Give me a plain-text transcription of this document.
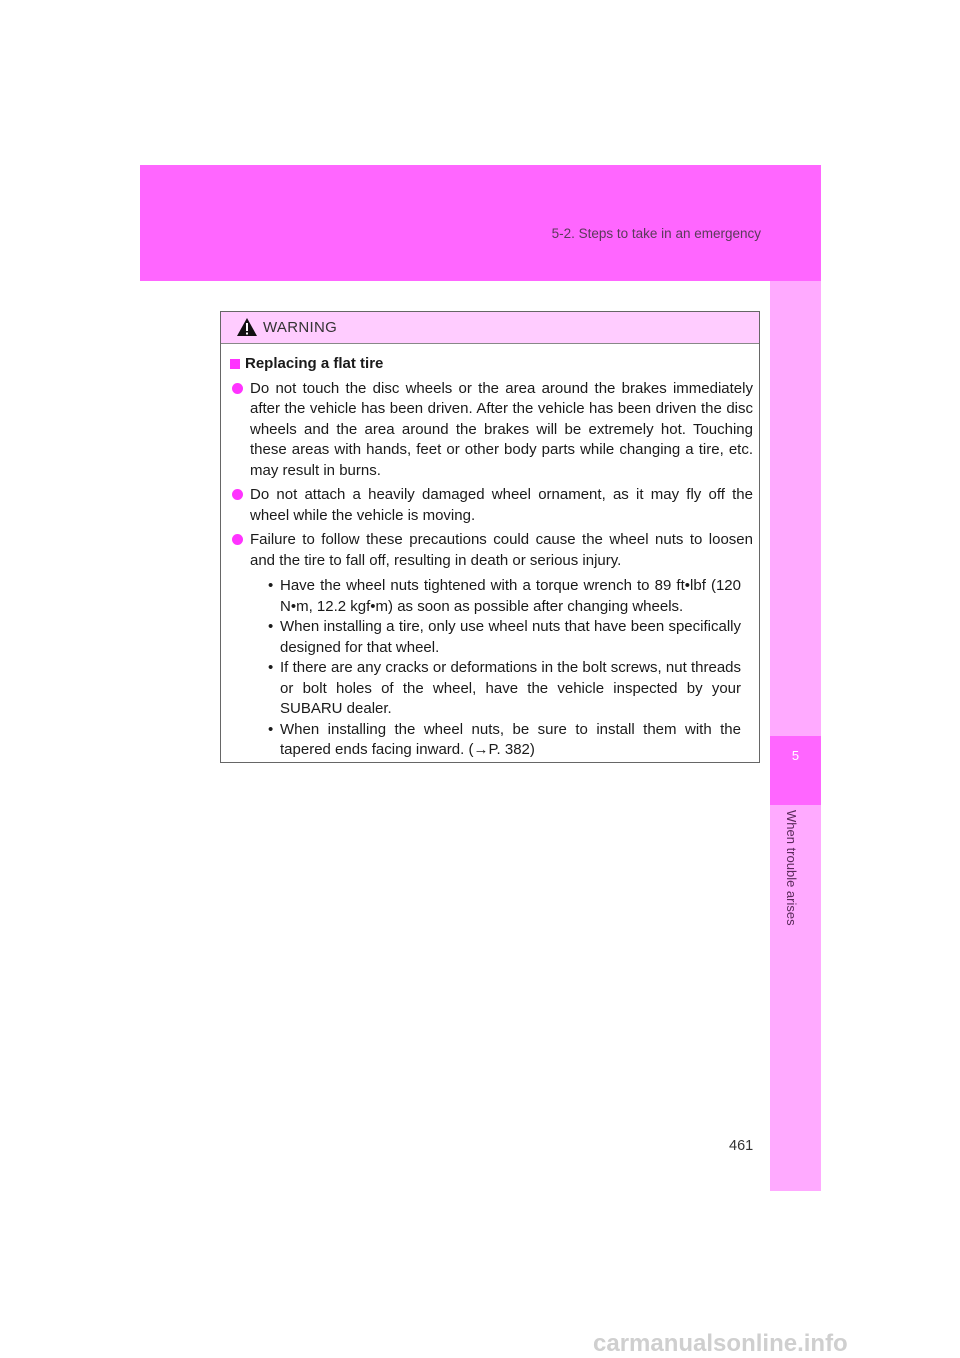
5-2. Steps to take in an emergency
5
When trouble arises
WARNING
Replacing a flat tire
Do not touch the disc wheels or the area around the brakes immediately after the vehicle has been driven. After the vehicle has been driven the disc wheels and the area around the brakes will be extremely hot. Touching these areas with hands, feet or other body parts while changing a tire, etc. may result in burns.
Do not attach a heavily damaged wheel ornament, as it may fly off the wheel while the vehicle is moving.
Failure to follow these precautions could cause the wheel nuts to loosen and the tire to fall off, resulting in death or serious injury.
• Have the wheel nuts tightened with a torque wrench to 89 ft•lbf (120 N•m, 12.2 kgf•m) as soon as possible after changing wheels.
• When installing a tire, only use wheel nuts that have been specifically designed for that wheel.
• If there are any cracks or deformations in the bolt screws, nut threads or bolt holes of the wheel, have the vehicle inspected by your SUBARU dealer.
• When installing the wheel nuts, be sure to install them with the tapered ends facing inward. (→P. 382)
461
carmanualsonline.info
